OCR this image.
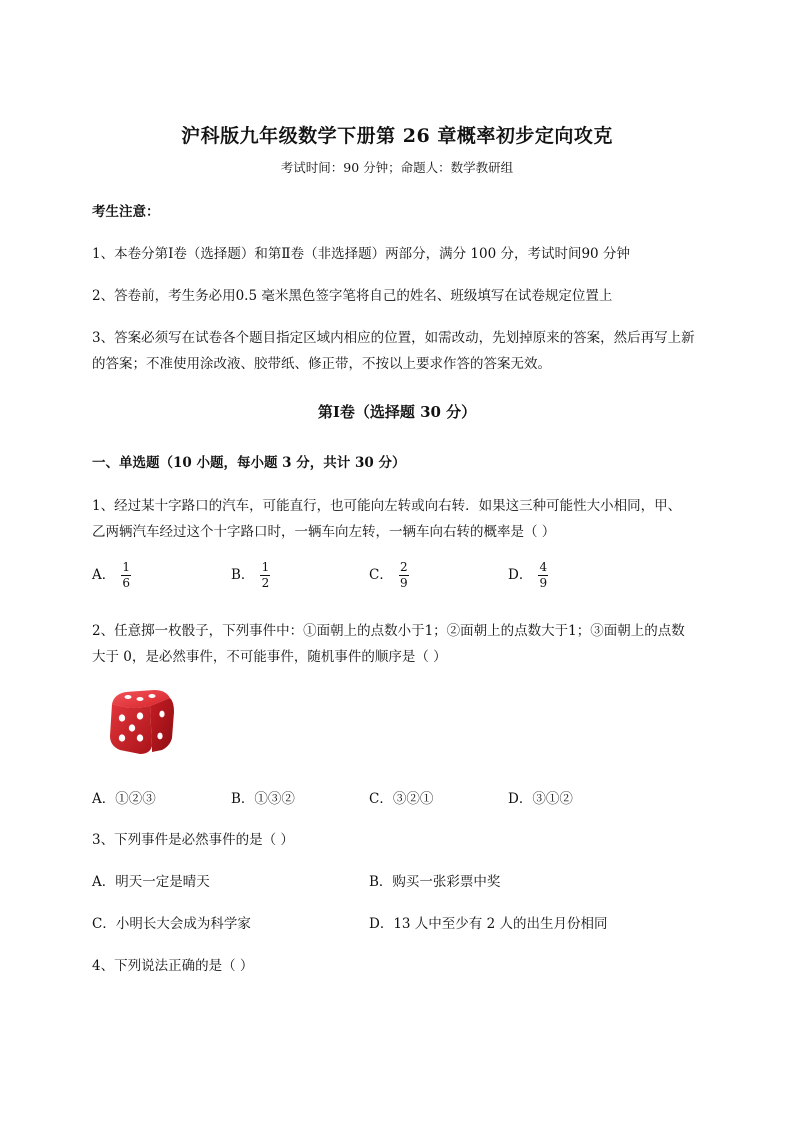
沪科版九年级数学下册第 26 章概率初步定向攻克
考试时间：90 分钟；命题人：数学教研组
考生注意：
1、本卷分第Ⅰ卷（选择题）和第Ⅱ卷（非选择题）两部分，满分 100 分，考试时间90 分钟
2、答卷前，考生务必用0.5 毫米黑色签字笔将自己的姓名、班级填写在试卷规定位置上
3、答案必须写在试卷各个题目指定区域内相应的位置，如需改动，先划掉原来的答案，然后再写上新
的答案；不准使用涂改液、胶带纸、修正带，不按以上要求作答的答案无效。
第Ⅰ卷（选择题 30 分）
一、单选题（10 小题，每小题 3 分，共计 30 分）
1、经过某十字路口的汽车，可能直行，也可能向左转或向右转．如果这三种可能性大小相同，甲、
乙两辆汽车经过这个十字路口时，一辆车向左转，一辆车向右转的概率是（ ）
A． $\frac{1}{6}$	B． $\frac{1}{2}$	C． $\frac{2}{9}$	D． $\frac{4}{9}$
2、任意掷一枚骰子，下列事件中：①面朝上的点数小于1；②面朝上的点数大于1；③面朝上的点数
大于 0，是必然事件，不可能事件，随机事件的顺序是（ ）
A．①②③	B．①③②	C．③②①	D．③①②
3、下列事件是必然事件的是（ ）
A．明天一定是晴天	B．购买一张彩票中奖
C．小明长大会成为科学家	D．13 人中至少有 2 人的出生月份相同
4、下列说法正确的是（ ）
